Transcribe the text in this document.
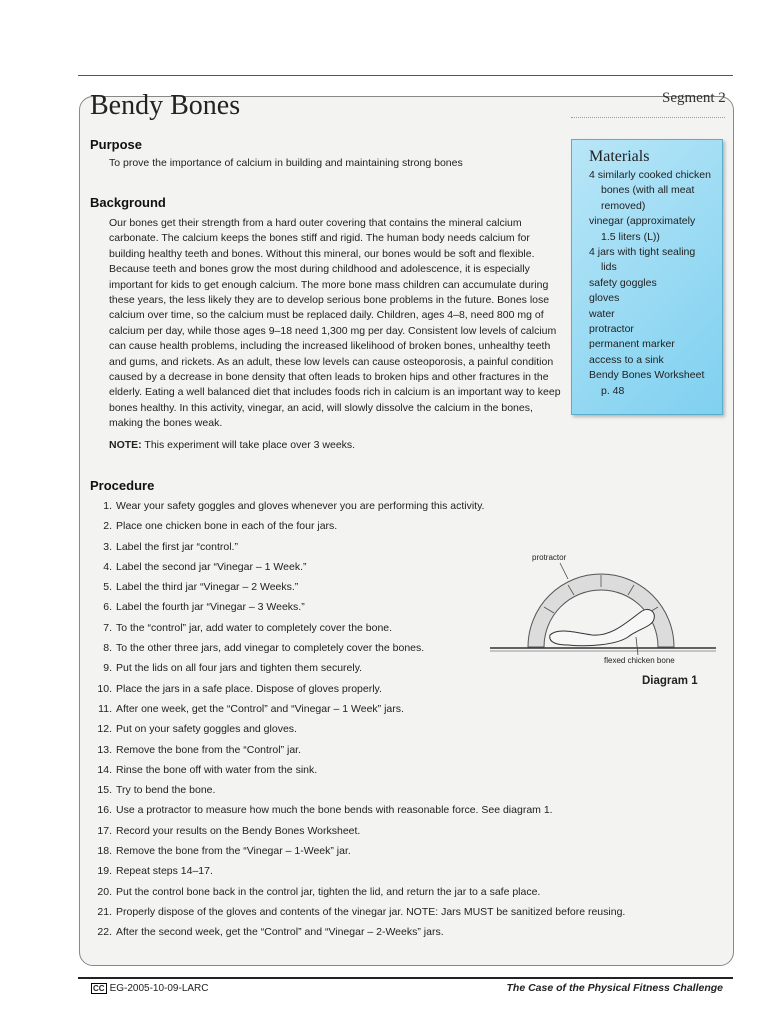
Bendy Bones	Segment 2
Purpose
To prove the importance of calcium in building and maintaining strong bones
Background
Our bones get their strength from a hard outer covering that contains the mineral calcium carbonate. The calcium keeps the bones stiff and rigid. The human body needs calcium for building healthy teeth and bones. Without this mineral, our bones would be soft and flexible. Because teeth and bones grow the most during childhood and adolescence, it is especially important for kids to get enough calcium. The more bone mass children can accumulate during these years, the less likely they are to develop serious bone problems in the future. Bones lose calcium over time, so the calcium must be replaced daily. Children, ages 4–8, need 800 mg of calcium per day, while those ages 9–18 need 1,300 mg per day. Consistent low levels of calcium can cause health problems, including the increased likelihood of broken bones, unhealthy teeth and gums, and rickets. As an adult, these low levels can cause osteoporosis, a painful condition caused by a decrease in bone density that often leads to broken hips and other fractures in the elderly. Eating a well balanced diet that includes foods rich in calcium is an important way to keep bones healthy. In this activity, vinegar, an acid, will slowly dissolve the calcium in the bones, making the bones weak.
NOTE: This experiment will take place over 3 weeks.
Materials
4 similarly cooked chicken bones (with all meat removed)
vinegar (approximately 1.5 liters (L))
4 jars with tight sealing lids
safety goggles
gloves
water
protractor
permanent marker
access to a sink
Bendy Bones Worksheet p. 48
Procedure
1. Wear your safety goggles and gloves whenever you are performing this activity.
2. Place one chicken bone in each of the four jars.
3. Label the first jar “control.”
4. Label the second jar “Vinegar – 1 Week.”
5. Label the third jar “Vinegar – 2 Weeks.”
6. Label the fourth jar “Vinegar – 3 Weeks.”
7. To the “control” jar, add water to completely cover the bone.
8. To the other three jars, add vinegar to completely cover the bones.
9. Put the lids on all four jars and tighten them securely.
10. Place the jars in a safe place. Dispose of gloves properly.
11. After one week, get the “Control” and “Vinegar – 1 Week” jars.
12. Put on your safety goggles and gloves.
13. Remove the bone from the “Control” jar.
14. Rinse the bone off with water from the sink.
15. Try to bend the bone.
16. Use a protractor to measure how much the bone bends with reasonable force. See diagram 1.
17. Record your results on the Bendy Bones Worksheet.
18. Remove the bone from the “Vinegar – 1-Week” jar.
19. Repeat steps 14–17.
20. Put the control bone back in the control jar, tighten the lid, and return the jar to a safe place.
21. Properly dispose of the gloves and contents of the vinegar jar. NOTE: Jars MUST be sanitized before reusing.
22. After the second week, get the “Control” and “Vinegar – 2-Weeks” jars.
protractor
flexed chicken bone
Diagram 1
CC EG-2005-10-09-LARC	The Case of the Physical Fitness Challenge
